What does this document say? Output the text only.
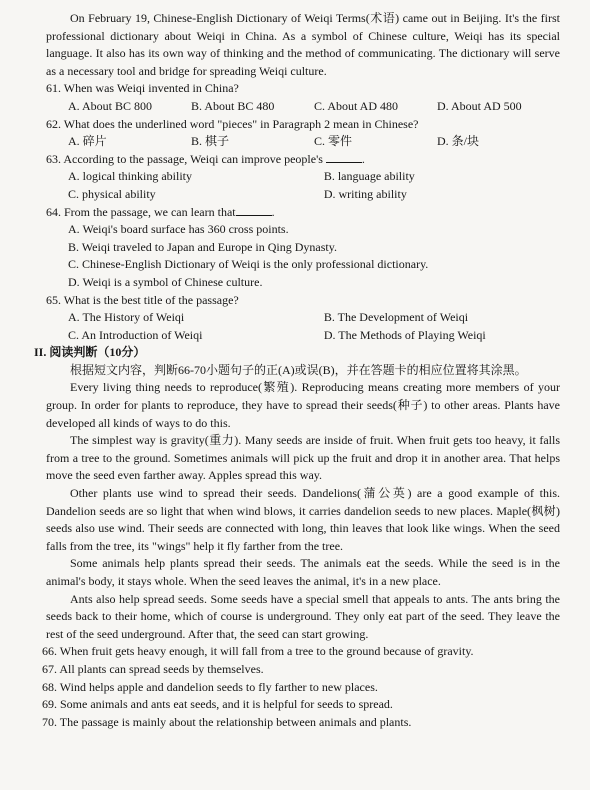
On February 19, Chinese-English Dictionary of Weiqi Terms(术语) came out in Beijing. It's the first professional dictionary about Weiqi in China. As a symbol of Chinese culture, Weiqi has its special language. It also has its own way of thinking and the method of communicating. The dictionary will serve as a necessary tool and bridge for spreading Weiqi culture.

61. When was Weiqi invented in China?

A. About BC 800	B. About BC 480	C. About AD 480	D. About AD 500

62. What does the underlined word "pieces" in Paragraph 2 mean in Chinese?

A. 碎片	B. 棋子	C. 零件	D. 条/块

63. According to the passage, Weiqi can improve people's	.

A. logical thinking ability	B. language ability
C. physical ability	D. writing ability

64. From the passage, we can learn that	.

A. Weiqi's board surface has 360 cross points.
B. Weiqi traveled to Japan and Europe in Qing Dynasty.
C. Chinese-English Dictionary of Weiqi is the only professional dictionary.
D. Weiqi is a symbol of Chinese culture.

65. What is the best title of the passage?

A. The History of Weiqi	B. The Development of Weiqi
C. An Introduction of Weiqi	D. The Methods of Playing Weiqi

II. 阅读判断（10分）

根据短文内容，判断66-70小题句子的正(A)或误(B)，并在答题卡的相应位置将其涂黑。

Every living thing needs to reproduce(繁殖). Reproducing means creating more members of your group. In order for plants to reproduce, they have to spread their seeds(种子) to other areas. Plants have developed all kinds of ways to do this.

The simplest way is gravity(重力). Many seeds are inside of fruit. When fruit gets too heavy, it falls from a tree to the ground. Sometimes animals will pick up the fruit and drop it in another area. That helps move the seed even farther away. Apples spread this way.

Other plants use wind to spread their seeds. Dandelions(蒲公英) are a good example of this. Dandelion seeds are so light that when wind blows, it carries dandelion seeds to new places. Maple(枫树) seeds also use wind. Their seeds are connected with long, thin leaves that look like wings. When the seed falls from the tree, its "wings" help it fly farther from the tree.

Some animals help plants spread their seeds. The animals eat the seeds. While the seed is in the animal's body, it stays whole. When the seed leaves the animal, it's in a new place.

Ants also help spread seeds. Some seeds have a special smell that appeals to ants. The ants bring the seeds back to their home, which of course is underground. They only eat part of the seed. They leave the rest of the seed underground. After that, the seed can start growing.

66. When fruit gets heavy enough, it will fall from a tree to the ground because of gravity.

67. All plants can spread seeds by themselves.

68. Wind helps apple and dandelion seeds to fly farther to new places.

69. Some animals and ants eat seeds, and it is helpful for seeds to spread.

70. The passage is mainly about the relationship between animals and plants.
